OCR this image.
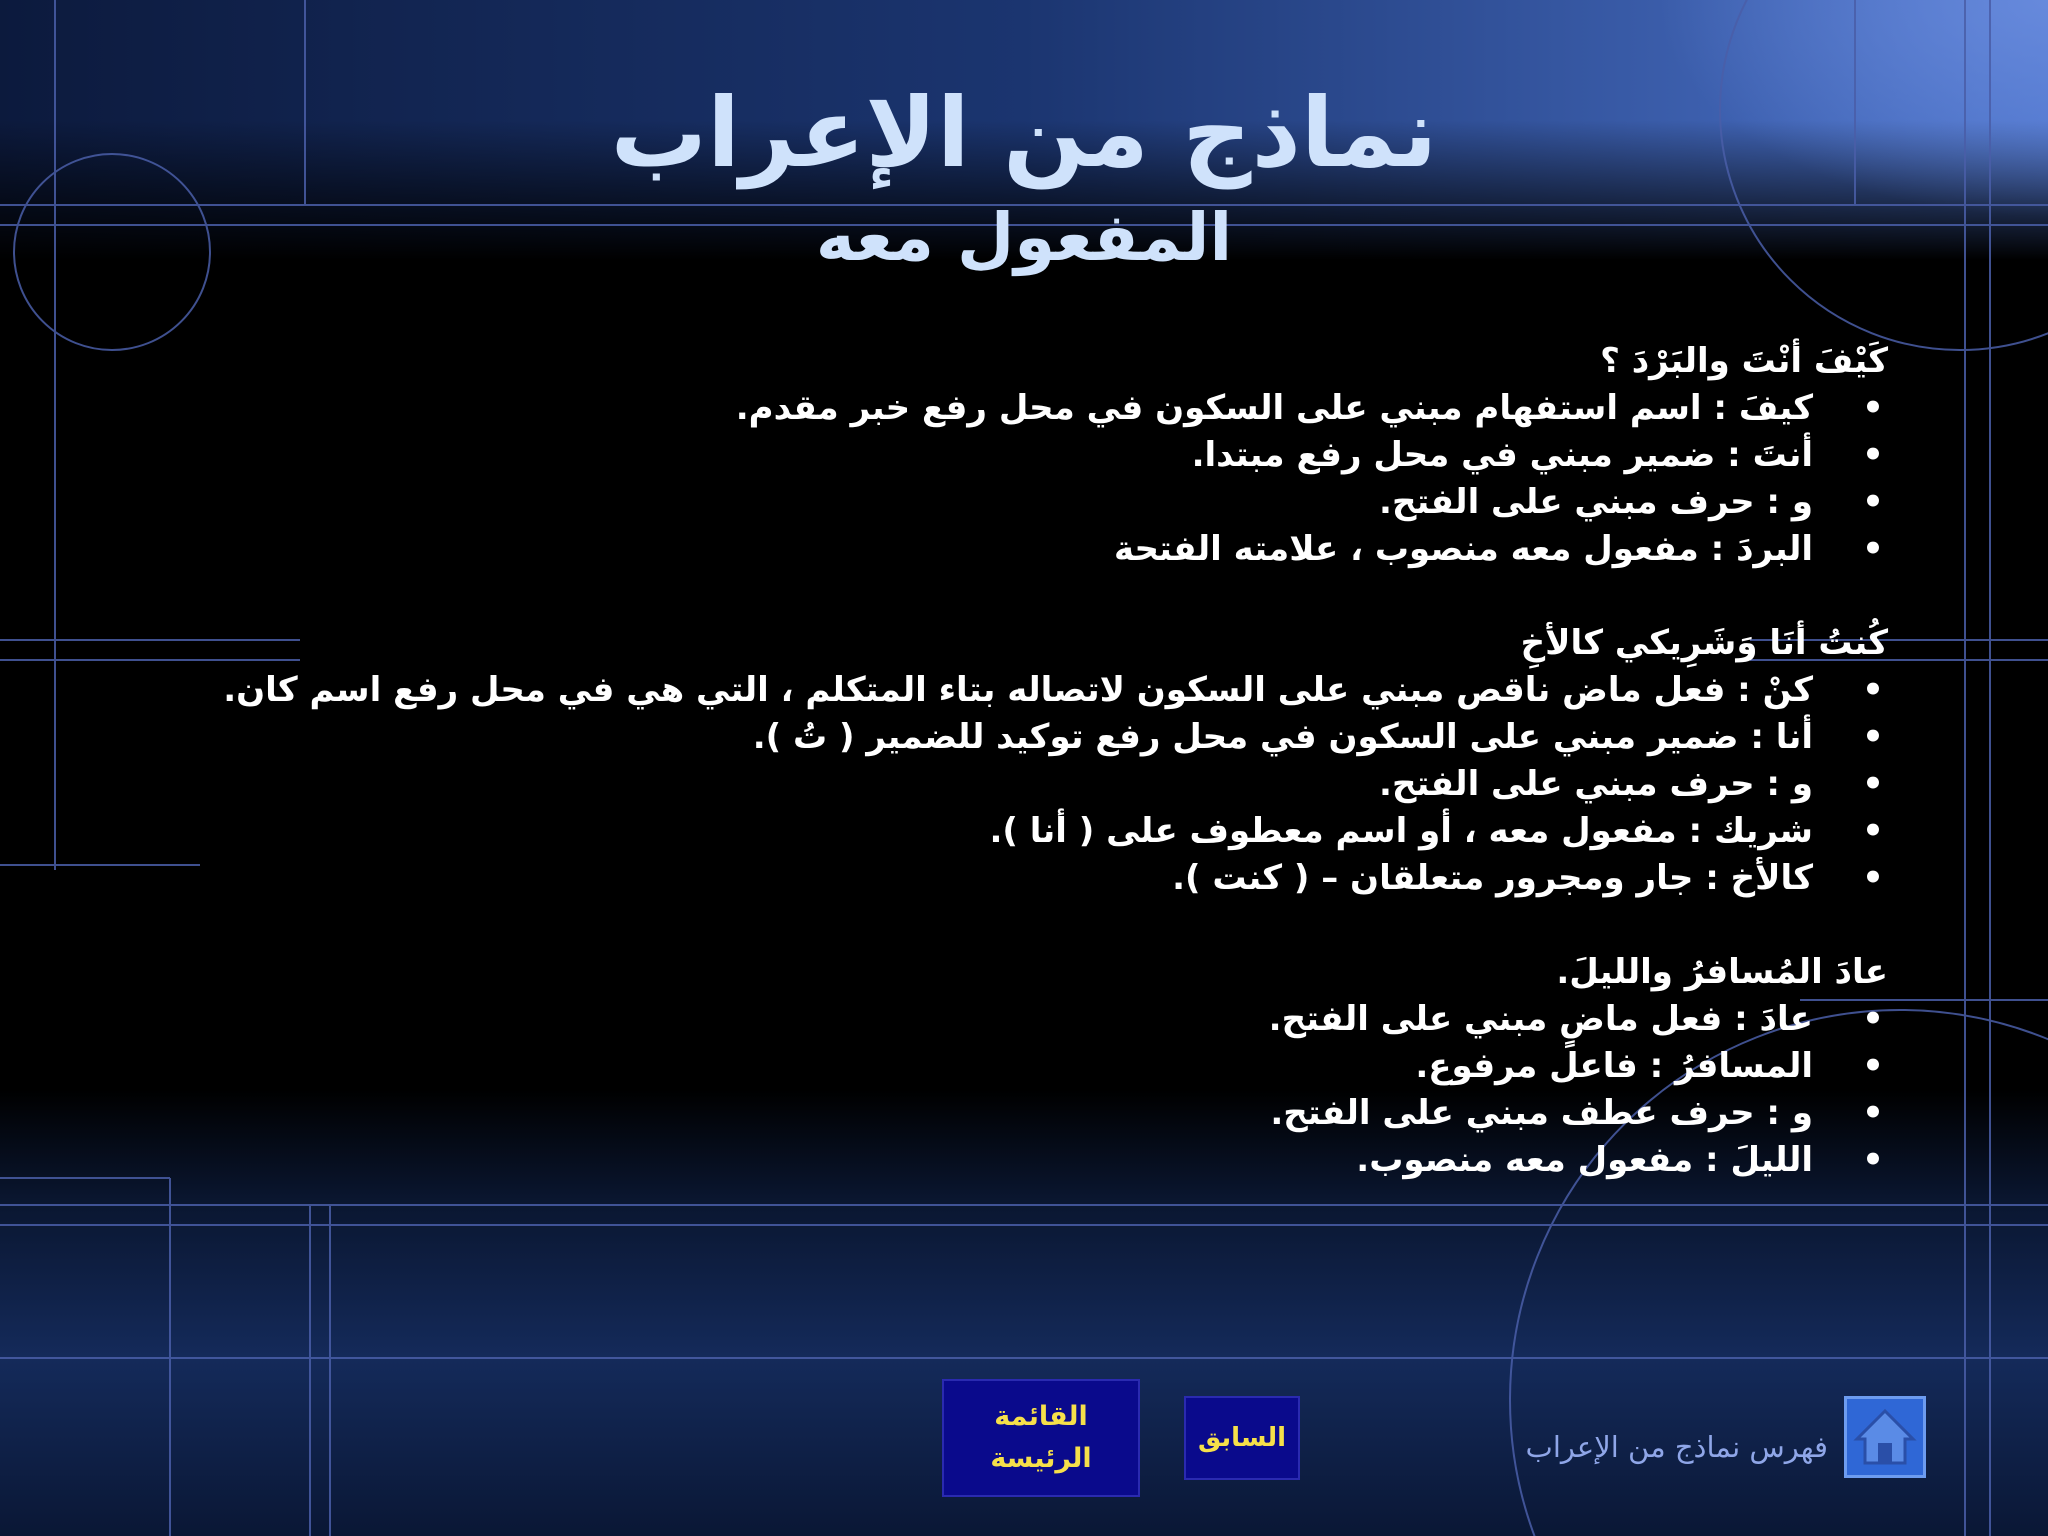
نماذج من الإعراب
المفعول معه
كَيْفَ أنْتَ والبَرْدَ ؟
•
كيفَ : اسم استفهام مبني على السكون في محل رفع خبر مقدم.
•
أنتَ : ضمير مبني في محل رفع مبتدا.
•
و : حرف مبني على الفتح.
•
البردَ : مفعول معه منصوب ، علامته الفتحة
كُنتُ أنَا وَشَرِيكي كالأخِ
•
كنْ : فعل ماض ناقص مبني على السكون لاتصاله بتاء المتكلم ، التي هي في محل رفع اسم كان.
•
أنا : ضمير مبني على السكون في محل رفع توكيد للضمير ( تُ ).
•
و : حرف مبني على الفتح.
•
شريك : مفعول معه ، أو اسم معطوف على ( أنا ).
•
كالأخ : جار ومجرور متعلقان – ( كنت ).
عادَ المُسافرُ والليلَ.
•
عادَ : فعل ماضٍ مبني على الفتح.
•
المسافرُ : فاعل مرفوع.
•
و : حرف عطف مبني على الفتح.
•
الليلَ : مفعول معه منصوب.
القائمة
الرئيسة
السابق	فهرس نماذج من الإعراب
